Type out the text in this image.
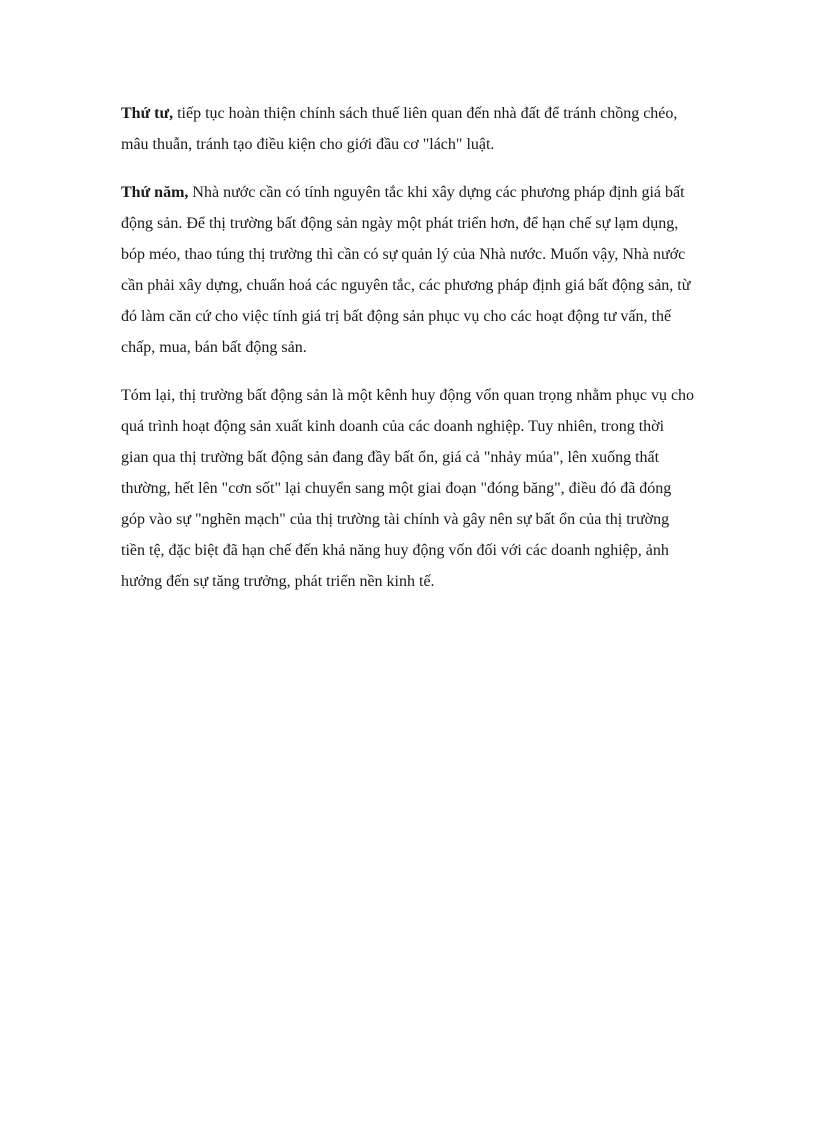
Thứ tư, tiếp tục hoàn thiện chính sách thuế liên quan đến nhà đất để tránh chồng chéo, mâu thuẫn, tránh tạo điều kiện cho giới đầu cơ "lách" luật.

Thứ năm, Nhà nước cần có tính nguyên tắc khi xây dựng các phương pháp định giá bất động sản. Để thị trường bất động sản ngày một phát triển hơn, để hạn chế sự lạm dụng, bóp méo, thao túng thị trường thì cần có sự quản lý của Nhà nước. Muốn vậy, Nhà nước cần phải xây dựng, chuẩn hoá các nguyên tắc, các phương pháp định giá bất động sản, từ đó làm căn cứ cho việc tính giá trị bất động sản phục vụ cho các hoạt động tư vấn, thế chấp, mua, bán bất động sản.

Tóm lại, thị trường bất động sản là một kênh huy động vốn quan trọng nhằm phục vụ cho quá trình hoạt động sản xuất kinh doanh của các doanh nghiệp. Tuy nhiên, trong thời gian qua thị trường bất động sản đang đầy bất ổn, giá cả "nhảy múa", lên xuống thất thường, hết lên "cơn sốt" lại chuyển sang một giai đoạn "đóng băng", điều đó đã đóng góp vào sự "nghẽn mạch" của thị trường tài chính và gây nên sự bất ổn của thị trường tiền tệ, đặc biệt đã hạn chế đến khả năng huy động vốn đối với các doanh nghiệp, ảnh hưởng đến sự tăng trưởng, phát triển nền kinh tế.
